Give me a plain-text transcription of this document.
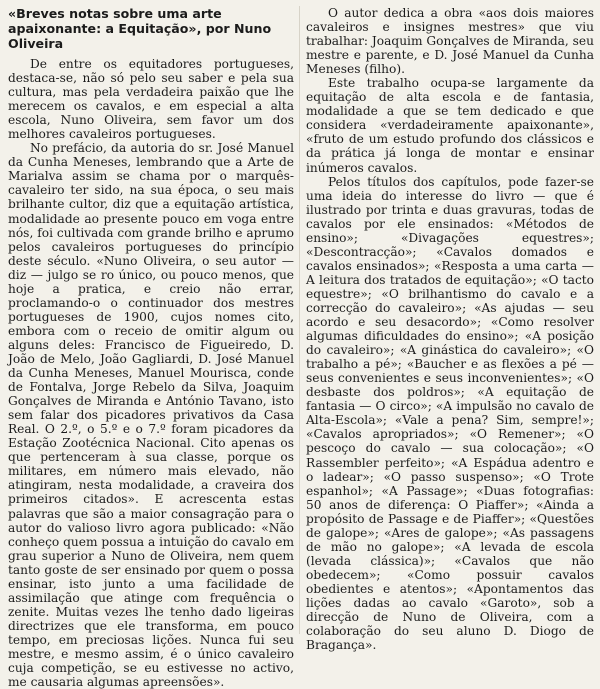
«Breves notas sobre uma arte apaixonante: a Equitação», por Nuno Oliveira

De entre os equitadores portugueses, destaca-se, não só pelo seu saber e pela sua cultura, mas pela verdadeira paixão que lhe merecem os cavalos, e em especial a alta escola, Nuno Oliveira, sem favor um dos melhores cavaleiros portugueses.

No prefácio, da autoria do sr. José Manuel da Cunha Meneses, lembrando que a Arte de Marialva assim se chama por o marquês-cavaleiro ter sido, na sua época, o seu mais brilhante cultor, diz que a equitação artística, modalidade ao presente pouco em voga entre nós, foi cultivada com grande brilho e aprumo pelos cavaleiros portugueses do princípio deste século. «Nuno Oliveira, o seu autor — diz — julgo se ro único, ou pouco menos, que hoje a pratica, e creio não errar, proclamando-o o continuador dos mestres portugueses de 1900, cujos nomes cito, embora com o receio de omitir algum ou alguns deles: Francisco de Figueiredo, D. João de Melo, João Gagliardi, D. José Manuel da Cunha Meneses, Manuel Mourisca, conde de Fontalva, Jorge Rebelo da Silva, Joaquim Gonçalves de Miranda e António Tavano, isto sem falar dos picadores privativos da Casa Real. O 2.º, o 5.º e o 7.º foram picadores da Estação Zootécnica Nacional. Cito apenas os que pertenceram à sua classe, porque os militares, em número mais elevado, não atingiram, nesta modalidade, a craveira dos primeiros citados». E acrescenta estas palavras que são a maior consagração para o autor do valioso livro agora publicado: «Não conheço quem possua a intuição do cavalo em grau superior a Nuno de Oliveira, nem quem tanto goste de ser ensinado por quem o possa ensinar, isto junto a uma facilidade de assimilação que atinge com frequência o zenite. Muitas vezes lhe tenho dado ligeiras directrizes que ele transforma, em pouco tempo, em preciosas lições. Nunca fui seu mestre, e mesmo assim, é o único cavaleiro cuja competição, se eu estivesse no activo, me causaria algumas apreensões».

O autor dedica a obra «aos dois maiores cavaleiros e insignes mestres» que viu trabalhar: Joaquim Gonçalves de Miranda, seu mestre e parente, e D. José Manuel da Cunha Meneses (filho).

Este trabalho ocupa-se largamente da equitação de alta escola e de fantasia, modalidade a que se tem dedicado e que considera «verdadeiramente apaixonante», «fruto de um estudo profundo dos clássicos e da prática já longa de montar e ensinar inúmeros cavalos.

Pelos títulos dos capítulos, pode fazer-se uma ideia do interesse do livro — que é ilustrado por trinta e duas gravuras, todas de cavalos por ele ensinados: «Métodos de ensino»; «Divagações equestres»; «Descontracção»; «Cavalos domados e cavalos ensinados»; «Resposta a uma carta — A leitura dos tratados de equitação»; «O tacto equestre»; «O brilhantismo do cavalo e a correcção do cavaleiro»; «As ajudas — seu acordo e seu desacordo»; «Como resolver algumas dificuldades do ensino»; «A posição do cavaleiro»; «A ginástica do cavaleiro»; «O trabalho a pé»; «Baucher e as flexões a pé — seus convenientes e seus inconvenientes»; «O desbaste dos poldros»; «A equitação de fantasia — O circo»; «A impulsão no cavalo de Alta-Escola»; «Vale a pena? Sim, sempre!»; «Cavalos apropriados»; «O Remener»; «O pescoço do cavalo — sua colocação»; «O Rassembler perfeito»; «A Espádua adentro e o ladear»; «O passo suspenso»; «O Trote espanhol»; «A Passage»; «Duas fotografias: 50 anos de diferença: O Piaffer»; «Ainda a propósito de Passage e de Piaffer»; «Questões de galope»; «Ares de galope»; «As passagens de mão no galope»; «A levada de escola (levada clássica)»; «Cavalos que não obedecem»; «Como possuir cavalos obedientes e atentos»; «Apontamentos das lições dadas ao cavalo «Garoto», sob a direcção de Nuno de Oliveira, com a colaboração do seu aluno D. Diogo de Bragança».
